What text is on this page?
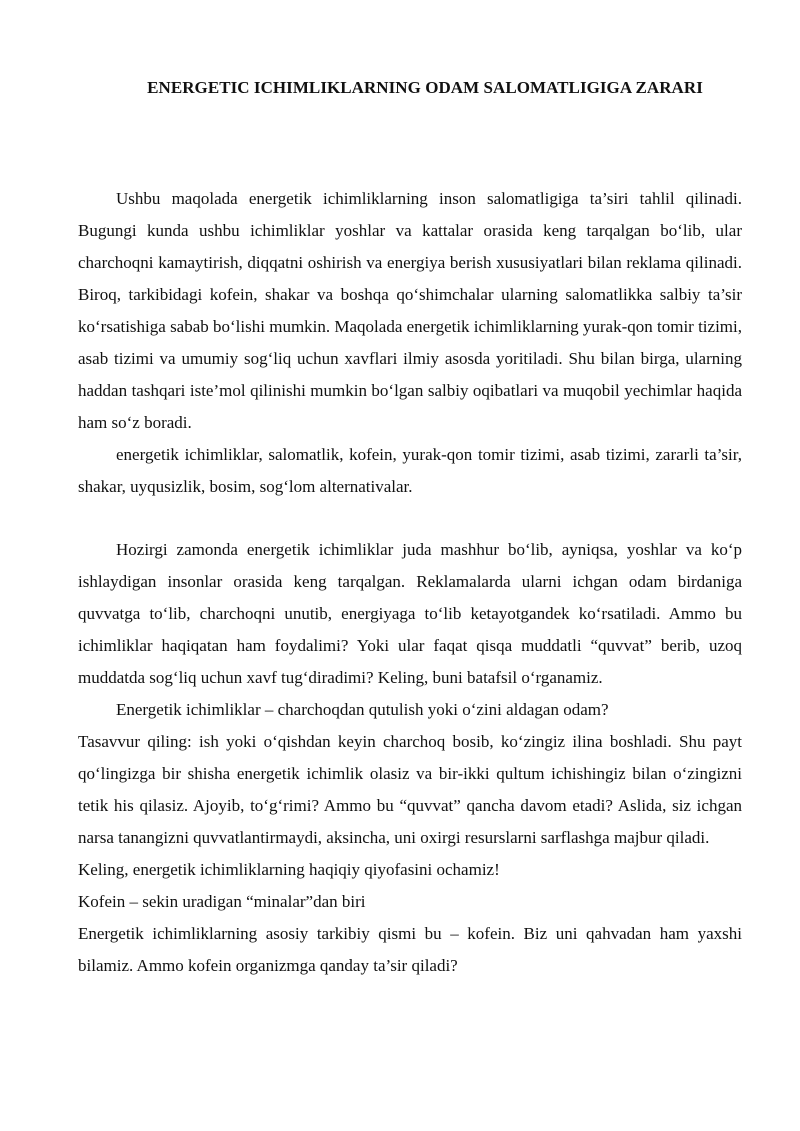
ENERGETIC ICHIMLIKLARNING ODAM SALOMATLIGIGA ZARARI

Ushbu maqolada energetik ichimliklarning inson salomatligiga ta’siri tahlil qilinadi. Bugungi kunda ushbu ichimliklar yoshlar va kattalar orasida keng tarqalgan bo‘lib, ular charchoqni kamaytirish, diqqatni oshirish va energiya berish xususiyatlari bilan reklama qilinadi. Biroq, tarkibidagi kofein, shakar va boshqa qo‘shimchalar ularning salomatlikka salbiy ta’sir ko‘rsatishiga sabab bo‘lishi mumkin. Maqolada energetik ichimliklarning yurak-qon tomir tizimi, asab tizimi va umumiy sog‘liq uchun xavflari ilmiy asosda yoritiladi. Shu bilan birga, ularning haddan tashqari iste’mol qilinishi mumkin bo‘lgan salbiy oqibatlari va muqobil yechimlar haqida ham so‘z boradi.

energetik ichimliklar, salomatlik, kofein, yurak-qon tomir tizimi, asab tizimi, zararli ta’sir, shakar, uyqusizlik, bosim, sog‘lom alternativalar.

Hozirgi zamonda energetik ichimliklar juda mashhur bo‘lib, ayniqsa, yoshlar va ko‘p ishlaydigan insonlar orasida keng tarqalgan. Reklamalarda ularni ichgan odam birdaniga quvvatga to‘lib, charchoqni unutib, energiyaga to‘lib ketayotgandek ko‘rsatiladi. Ammo bu ichimliklar haqiqatan ham foydalimi? Yoki ular faqat qisqa muddatli “quvvat” berib, uzoq muddatda sog‘liq uchun xavf tug‘diradimi? Keling, buni batafsil o‘rganamiz.

Energetik ichimliklar – charchoqdan qutulish yoki o‘zini aldagan odam?

Tasavvur qiling: ish yoki o‘qishdan keyin charchoq bosib, ko‘zingiz ilina boshladi. Shu payt qo‘lingizga bir shisha energetik ichimlik olasiz va bir-ikki qultum ichishingiz bilan o‘zingizni tetik his qilasiz. Ajoyib, to‘g‘rimi? Ammo bu “quvvat” qancha davom etadi? Aslida, siz ichgan narsa tanangizni quvvatlantirmaydi, aksincha, uni oxirgi resurslarni sarflashga majbur qiladi.

Keling, energetik ichimliklarning haqiqiy qiyofasini ochamiz!

Kofein – sekin uradigan “minalar”dan biri

Energetik ichimliklarning asosiy tarkibiy qismi bu – kofein. Biz uni qahvadan ham yaxshi bilamiz. Ammo kofein organizmga qanday ta’sir qiladi?
